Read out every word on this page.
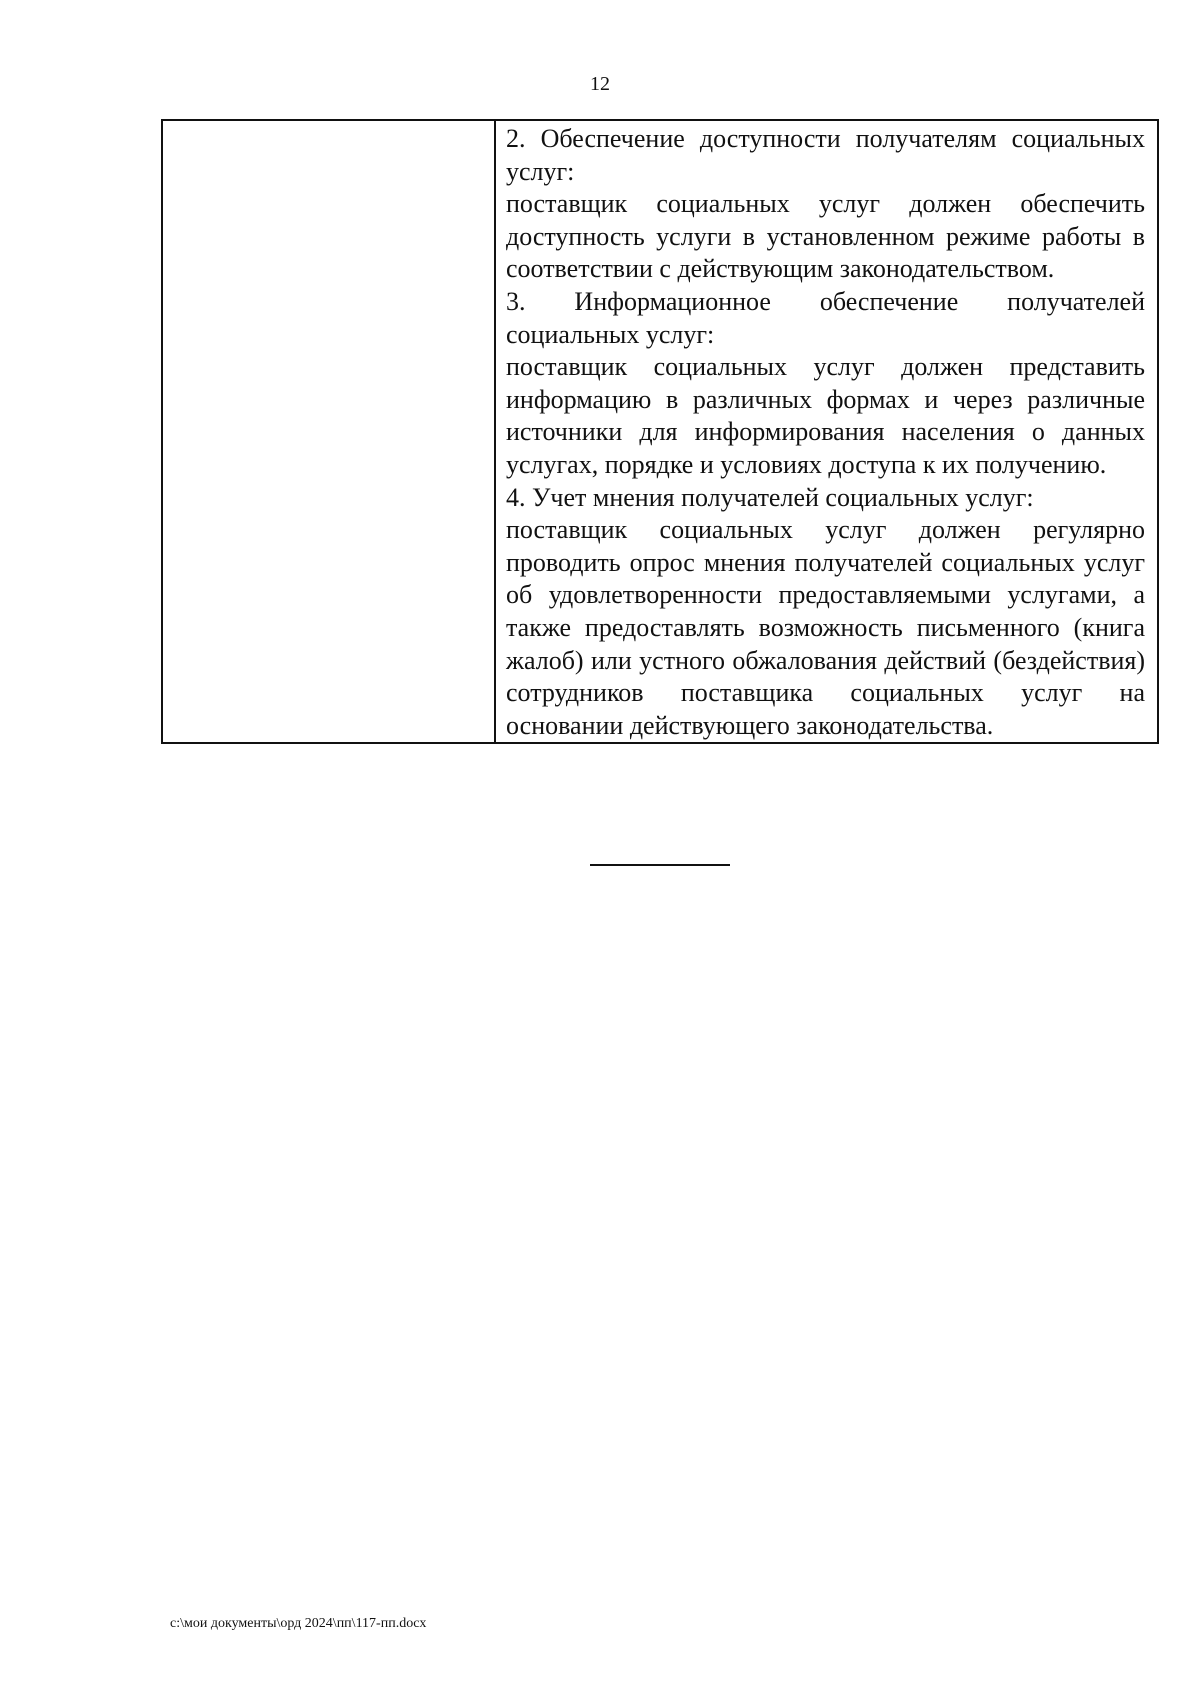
12

2. Обеспечение доступности получателям социальных услуг:

поставщик социальных услуг должен обеспечить доступность услуги в установленном режиме работы в соответствии с действующим законодательством.

3. Информационное обеспечение получателей социальных услуг:

поставщик социальных услуг должен представить информацию в различных формах и через различные источники для информирования населения о данных услугах, порядке и условиях доступа к их получению.

4. Учет мнения получателей социальных услуг:

поставщик социальных услуг должен регулярно проводить опрос мнения получателей социальных услуг об удовлетворенности предоставляемыми услугами, а также предоставлять возможность письменного (книга жалоб) или устного обжалования действий (бездействия) сотрудников поставщика социальных услуг на основании действующего законодательства.

c:\мои документы\орд 2024\пп\117-пп.docx
